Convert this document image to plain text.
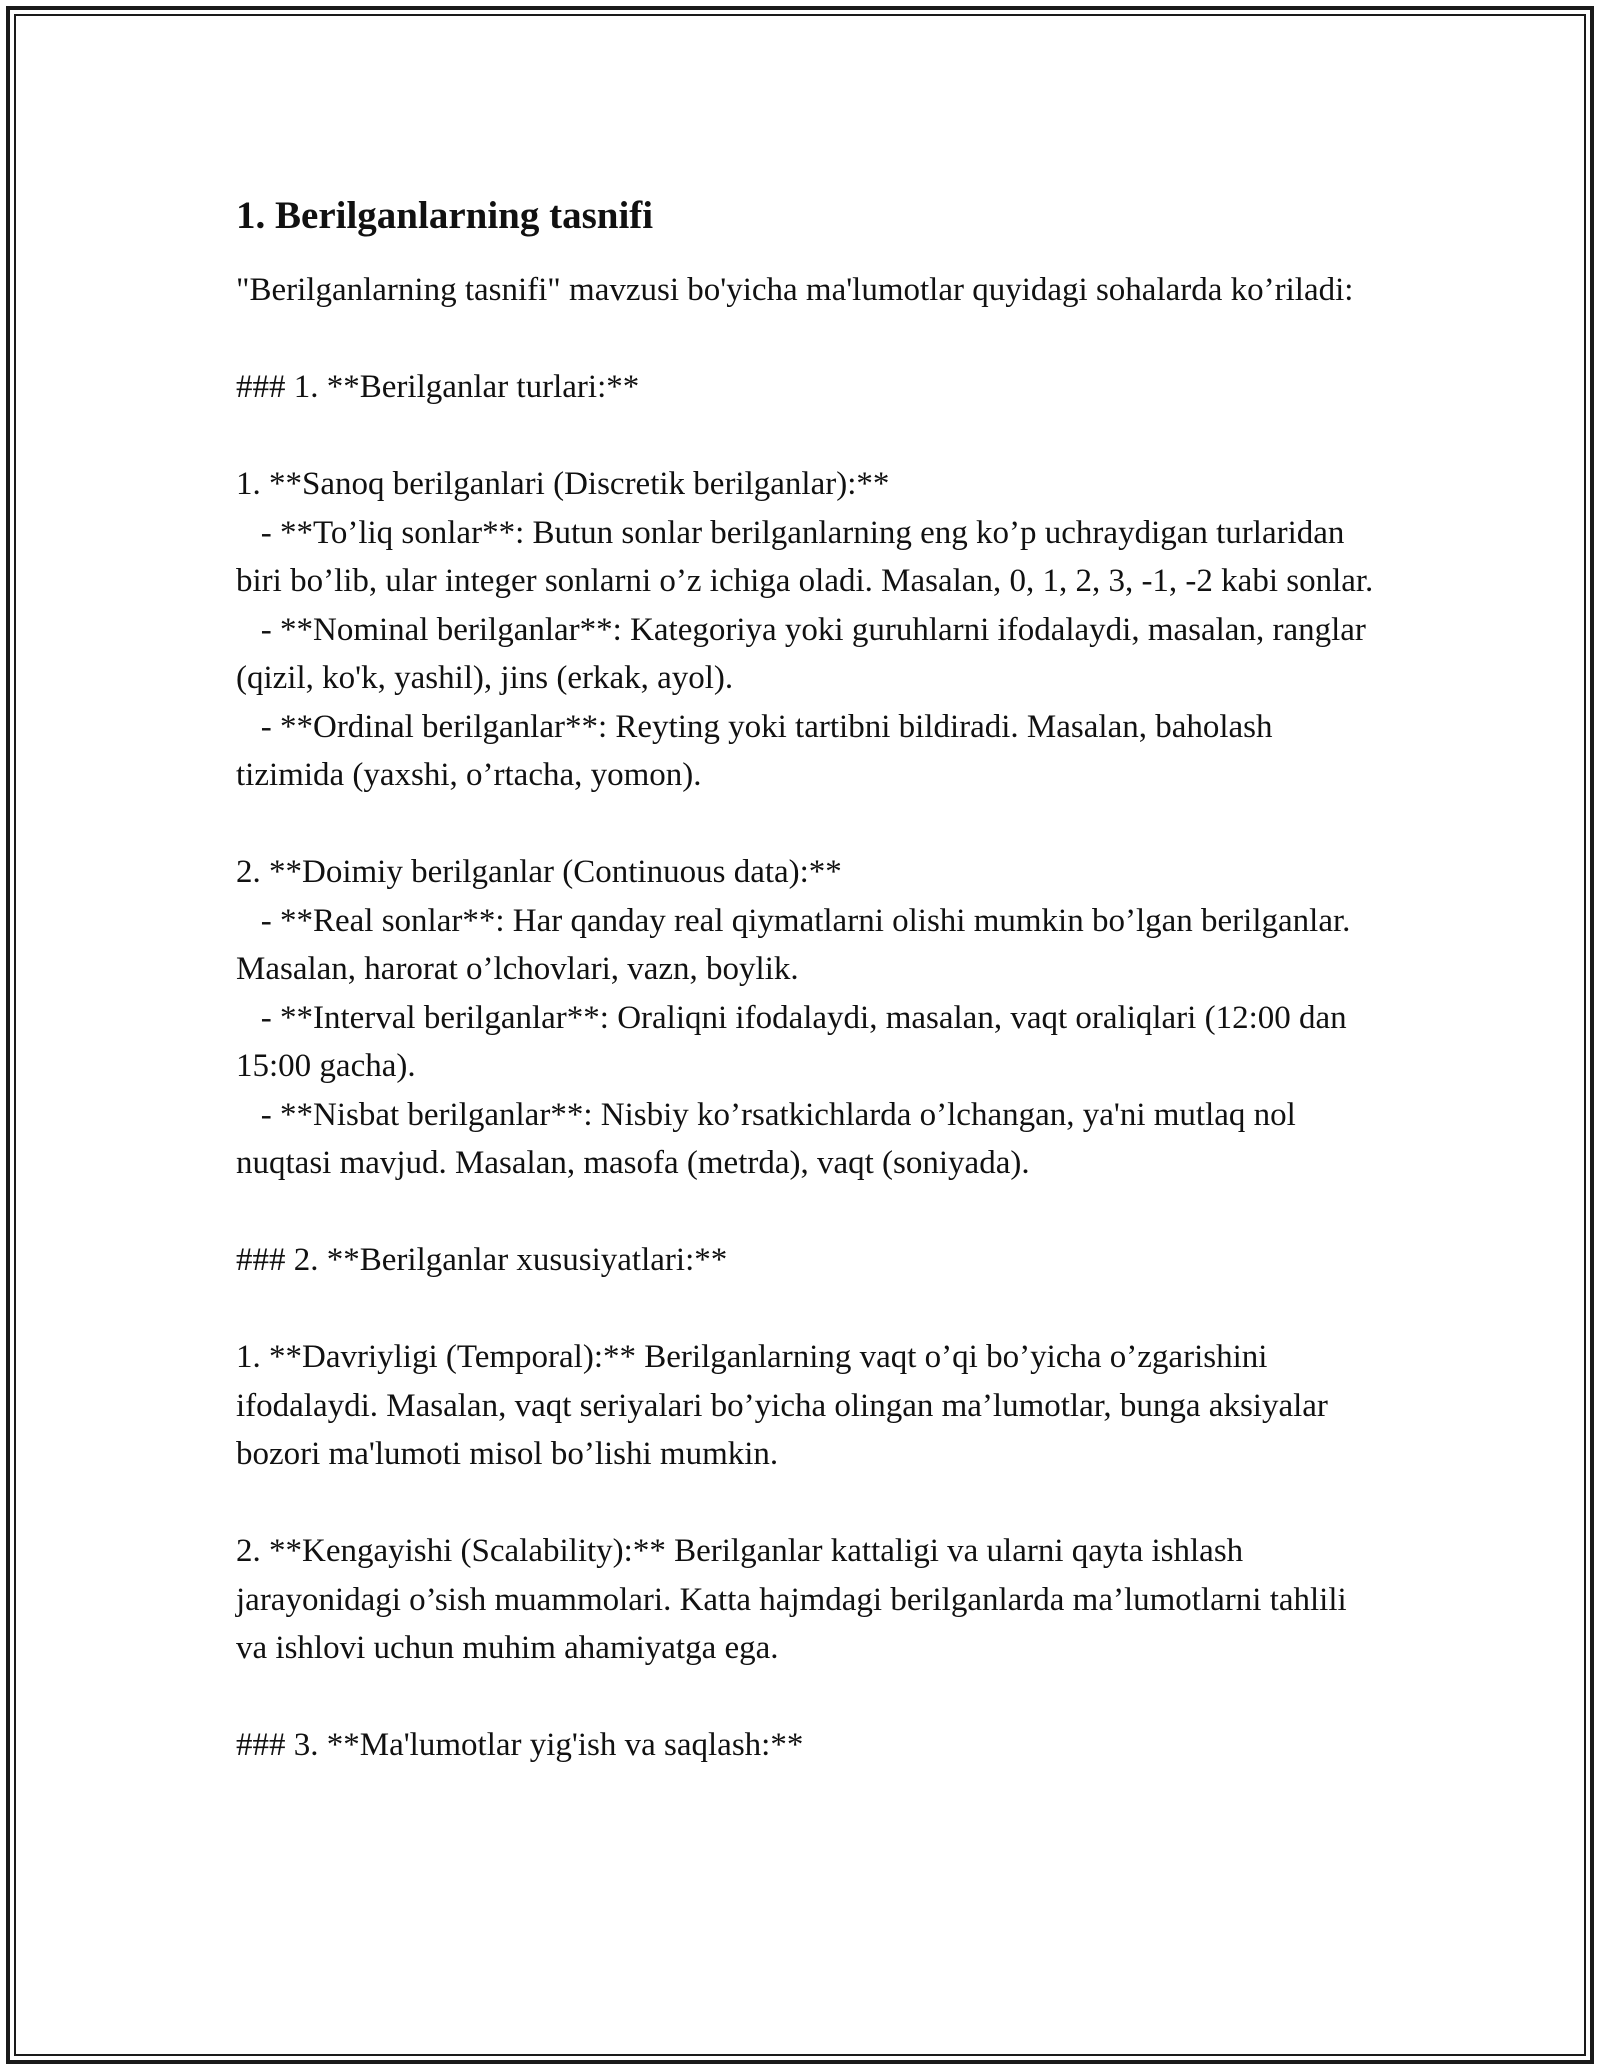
1. Berilganlarning tasnifi

"Berilganlarning tasnifi" mavzusi bo'yicha ma'lumotlar quyidagi sohalarda ko’riladi:

### 1. **Berilganlar turlari:**

1. **Sanoq berilganlari (Discretik berilganlar):**

- **To’liq sonlar**: Butun sonlar berilganlarning eng ko’p uchraydigan turlaridan biri bo’lib, ular integer sonlarni o’z ichiga oladi. Masalan, 0, 1, 2, 3, -1, -2 kabi sonlar.

- **Nominal berilganlar**: Kategoriya yoki guruhlarni ifodalaydi, masalan, ranglar (qizil, ko'k, yashil), jins (erkak, ayol).

- **Ordinal berilganlar**: Reyting yoki tartibni bildiradi. Masalan, baholash tizimida (yaxshi, o’rtacha, yomon).

2. **Doimiy berilganlar (Continuous data):**

- **Real sonlar**: Har qanday real qiymatlarni olishi mumkin bo’lgan berilganlar. Masalan, harorat o’lchovlari, vazn, boylik.

- **Interval berilganlar**: Oraliqni ifodalaydi, masalan, vaqt oraliqlari (12:00 dan 15:00 gacha).

- **Nisbat berilganlar**: Nisbiy ko’rsatkichlarda o’lchangan, ya'ni mutlaq nol nuqtasi mavjud. Masalan, masofa (metrda), vaqt (soniyada).

### 2. **Berilganlar xususiyatlari:**

1. **Davriyligi (Temporal):** Berilganlarning vaqt o’qi bo’yicha o’zgarishini ifodalaydi. Masalan, vaqt seriyalari bo’yicha olingan ma’lumotlar, bunga aksiyalar bozori ma'lumoti misol bo’lishi mumkin.

2. **Kengayishi (Scalability):** Berilganlar kattaligi va ularni qayta ishlash jarayonidagi o’sish muammolari. Katta hajmdagi berilganlarda ma’lumotlarni tahlili va ishlovi uchun muhim ahamiyatga ega.

### 3. **Ma'lumotlar yig'ish va saqlash:**
